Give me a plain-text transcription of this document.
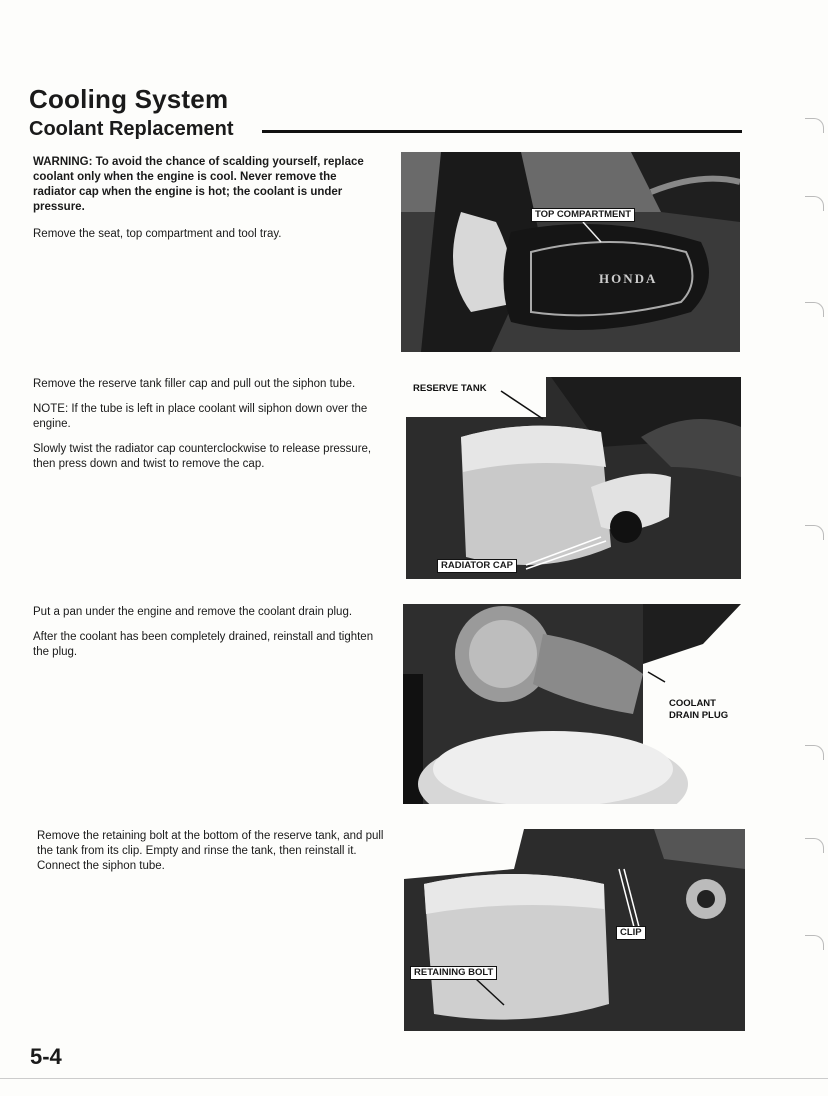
Cooling System
Coolant Replacement

WARNING: To avoid the chance of scalding yourself, replace coolant only when the engine is cool. Never remove the radiator cap when the engine is hot; the coolant is under pressure.

Remove the seat, top compartment and tool tray.

TOP COMPARTMENT
HONDA

Remove the reserve tank filler cap and pull out the siphon tube.

NOTE: If the tube is left in place coolant will siphon down over the engine.

Slowly twist the radiator cap counterclockwise to release pressure, then press down and twist to remove the cap.

RESERVE TANK
RADIATOR CAP

Put a pan under the engine and remove the coolant drain plug.

After the coolant has been completely drained, reinstall and tighten the plug.

COOLANT
DRAIN PLUG

Remove the retaining bolt at the bottom of the reserve tank, and pull the tank from its clip. Empty and rinse the tank, then reinstall it. Connect the siphon tube.

CLIP
RETAINING BOLT
5-4
